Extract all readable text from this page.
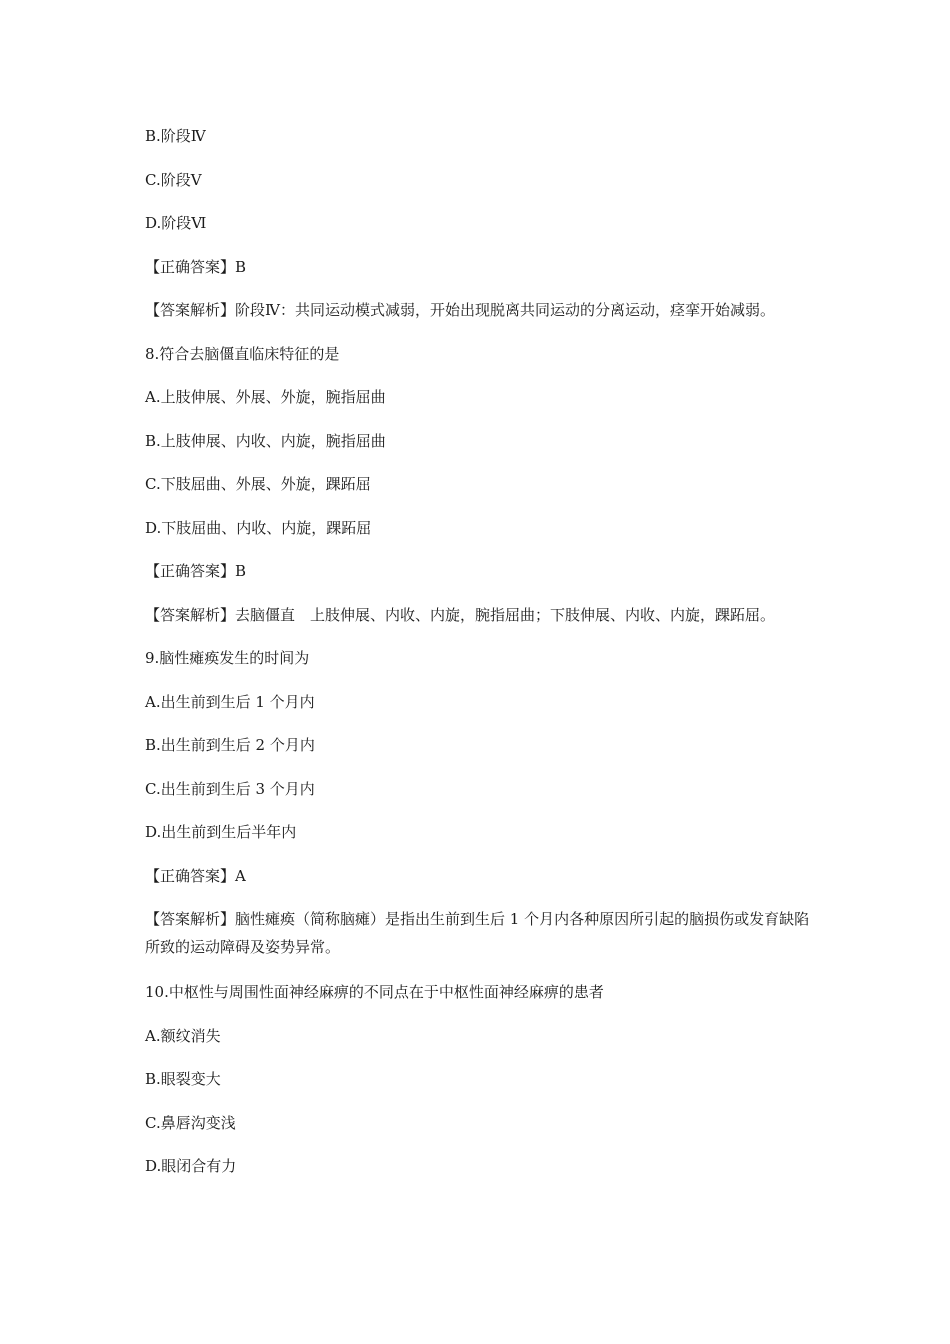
B.阶段Ⅳ
C.阶段Ⅴ
D.阶段Ⅵ
【正确答案】B
【答案解析】阶段Ⅳ：共同运动模式减弱，开始出现脱离共同运动的分离运动，痉挛开始减弱。
8.符合去脑僵直临床特征的是
A.上肢伸展、外展、外旋，腕指屈曲
B.上肢伸展、内收、内旋，腕指屈曲
C.下肢屈曲、外展、外旋，踝跖屈
D.下肢屈曲、内收、内旋，踝跖屈
【正确答案】B
【答案解析】去脑僵直　上肢伸展、内收、内旋，腕指屈曲；下肢伸展、内收、内旋，踝跖屈。
9.脑性瘫痪发生的时间为
A.出生前到生后 1 个月内
B.出生前到生后 2 个月内
C.出生前到生后 3 个月内
D.出生前到生后半年内
【正确答案】A
【答案解析】脑性瘫痪（简称脑瘫）是指出生前到生后 1 个月内各种原因所引起的脑损伤或发育缺陷所致的运动障碍及姿势异常。
10.中枢性与周围性面神经麻痹的不同点在于中枢性面神经麻痹的患者
A.额纹消失
B.眼裂变大
C.鼻唇沟变浅
D.眼闭合有力
